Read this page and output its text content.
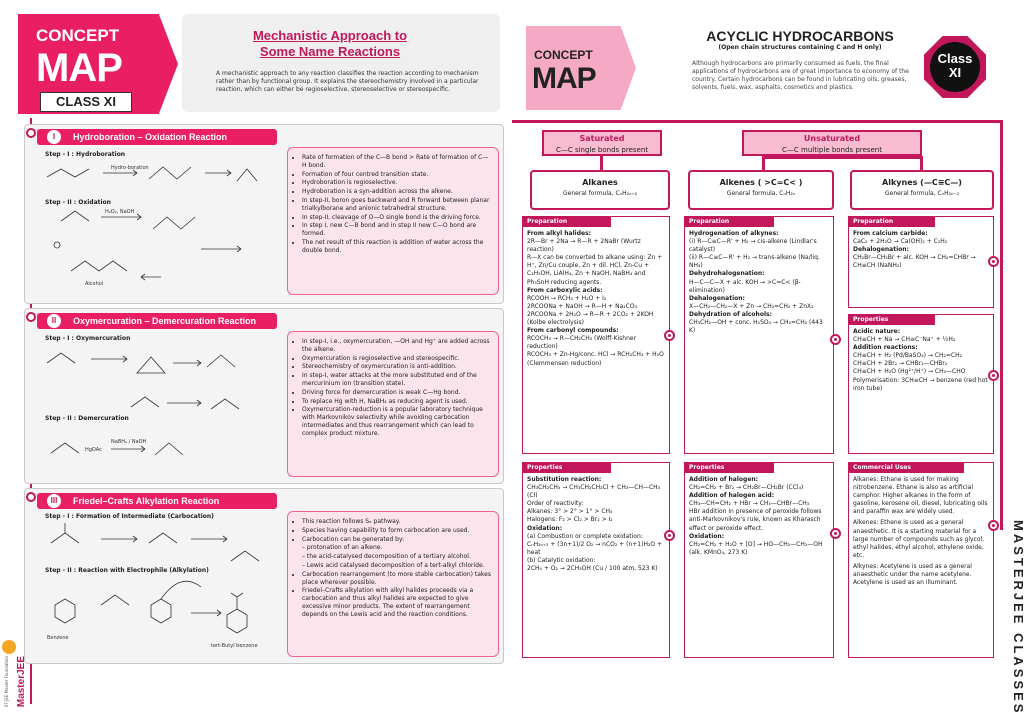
CONCEPT
MAP
CLASS XI
Mechanistic Approach to
Some Name Reactions
A mechanistic approach to any reaction classifies the reaction according to mechanism rather than by functional group. It explains the stereochemistry involved in a particular reaction, which can either be regioselective, stereoselective or stereospecific.
I	Hydroboration – Oxidation Reaction
Step - I : Hydroboration
Hydro-boration
H₂O₂, NaOH
Alcohol
Step - II : Oxidation
• Rate of formation of the C—B bond > Rate of formation of C—H bond.
• Formation of four centred transition state.
• Hydroboration is regioselective.
• Hydroboration is a syn-addition across the alkene.
• In step-II, boron goes backward and R forward between planar trialkylborane and anionic tetrahedral structure.
• In step-II, cleavage of O—O single bond is the driving force.
• In step I, new C—B bond and in step II new C—O bond are formed.
• The net result of this reaction is addition of water across the double bond.
II	Oxymercuration – Demercuration Reaction
Step - I : Oxymercuration
HgOAc
NaBH₄ / NaOH
Step - II : Demercuration
• In step-I, i.e., oxymercuration, —OH and Hg⁺ are added across the alkene.
• Oxymercuration is regioselective and stereospecific.
• Stereochemistry of oxymercuration is anti-addition.
• In step-I, water attacks at the more substituted end of the mercurinium ion (transition state).
• Driving force for demercuration is weak C—Hg bond.
• To replace Hg with H, NaBH₄ as reducing agent is used.
• Oxymercuration-reduction is a popular laboratory technique with Markovnikov selectivity while avoiding carbocation intermediates and thus rearrangement which can lead to complex product mixture.
III	Friedel–Crafts Alkylation Reaction
Step - I : Formation of Intermediate (Carbocation)
Benzene
tert-Butyl benzene
Step - II : Reaction with Electrophile (Alkylation)
• This reaction follows Sₑ pathway.
• Species having capability to form carbocation are used.
• Carbocation can be generated by:
– protonation of an alkene.
– the acid-catalysed decomposition of a tertiary alcohol.
– Lewis acid catalysed decomposition of a tert-alkyl chloride.
• Carbocation rearrangement (to more stable carbocation) takes place wherever possible.
• Friedel–Crafts alkylation with alkyl halides proceeds via a carbocation and thus alkyl halides are expected to give excessive minor products. The extent of rearrangement depends on the Lewis acid and the reaction conditions.
MasterJEE
IIT-JEE Master Foundation
CONCEPT
MAP
ACYCLIC HYDROCARBONS
(Open chain structures containing C and H only)
Although hydrocarbons are primarily consumed as fuels, the final applications of hydrocarbons are of great importance to economy of the country. Certain hydrocarbons can be found in lubricating oils, greases, solvents, fuels, wax, asphalts, cosmetics and plastics.
Class XI
Saturated
C—C single bonds present
Unsaturated
C—C multiple bonds present
Alkanes
General formula, CₙH₂ₙ₊₂
Alkenes ( >C=C< )
General formula, CₙH₂ₙ
Alkynes (—C≡C—)
General formula, CₙH₂ₙ₋₂
Preparation
From alkyl halides:
2R—Br + 2Na → R—R + 2NaBr (Wurtz reaction)
R—X can be converted to alkane using: Zn + H⁺, Zn/Cu couple, Zn + dil. HCl, Zn-Cu + C₂H₅OH, LiAlH₄, Zn + NaOH, NaBH₄ and Ph₃SnH reducing agents.
From carboxylic acids:
RCOOH → RCH₃ + H₂O + I₂
2RCOONa + NaOH → R—H + Na₂CO₃
2RCOONa + 2H₂O → R—R + 2CO₂ + 2KOH (Kolbe electrolysis)
From carbonyl compounds:
RCOCH₃ → R—CH₂CH₃ (Wolff-Kishner reduction)
RCOCH₃ + Zn-Hg/conc. HCl → RCH₂CH₃ + H₂O (Clemmensen reduction)
Properties
Substitution reaction:
CH₃CH₂CH₃ → CH₃CH₂CH₂Cl + CH₃—CH—CH₃ (Cl)
Order of reactivity:
Alkanes: 3° > 2° > 1° > CH₄
Halogens: F₂ > Cl₂ > Br₂ > I₂
Oxidation:
(a) Combustion or complete oxidation:
CₙH₂ₙ₊₂ + (3n+1)/2 O₂ → nCO₂ + (n+1)H₂O + heat
(b) Catalytic oxidation:
2CH₄ + O₂ → 2CH₃OH (Cu / 100 atm, 523 K)
Preparation
Hydrogenation of alkynes:
(i) R—C≡C—R' + H₂ → cis-alkene (Lindlar's catalyst)
(ii) R—C≡C—R' + H₂ → trans-alkene (Na/liq. NH₃)
Dehydrohalogenation:
H—C—C—X + alc. KOH → >C=C< (β-elimination)
Dehalogenation:
X—CH₂—CH₂—X + Zn → CH₂=CH₂ + ZnX₂
Dehydration of alcohols:
CH₃CH₂—OH + conc. H₂SO₄ → CH₂=CH₂ (443 K)
Properties
Addition of halogen:
CH₂=CH₂ + Br₂ → CH₂Br—CH₂Br (CCl₄)
Addition of halogen acid:
CH₃—CH=CH₂ + HBr → CH₃—CHBr—CH₃
HBr addition in presence of peroxide follows anti-Markovnikov's rule, known as Kharasch effect or peroxide effect.
Oxidation:
CH₂=CH₂ + H₂O + [O] → HO—CH₂—CH₂—OH (alk. KMnO₄, 273 K)
Preparation
From calcium carbide:
CaC₂ + 2H₂O → Ca(OH)₂ + C₂H₂
Dehalogenation:
CH₂Br—CH₂Br + alc. KOH → CH₂=CHBr → CH≡CH (NaNH₂)
Properties
Acidic nature:
CH≡CH + Na → CH≡C⁻Na⁺ + ½H₂
Addition reactions:
CH≡CH + H₂ (Pd/BaSO₄) → CH₂=CH₂
CH≡CH + 2Br₂ → CHBr₂—CHBr₂
CH≡CH + H₂O (Hg²⁺/H⁺) → CH₃—CHO
Polymerisation: 3CH≡CH → benzene (red hot iron tube)
Commercial Uses
Alkanes: Ethane is used for making nitrobenzene. Ethane is also as artificial camphor. Higher alkanes in the form of gasoline, kerosene oil, diesel, lubricating oils and paraffin wax are widely used.
Alkenes: Ethene is used as a general anaesthetic. It is a starting material for a large number of compounds such as glycol, ethyl halides, ethyl alcohol, ethylene oxide, etc.
Alkynes: Acetylene is used as a general anaesthetic under the name acetylene. Acetylene is used as an illuminant.	MASTERJEE CLASSES
